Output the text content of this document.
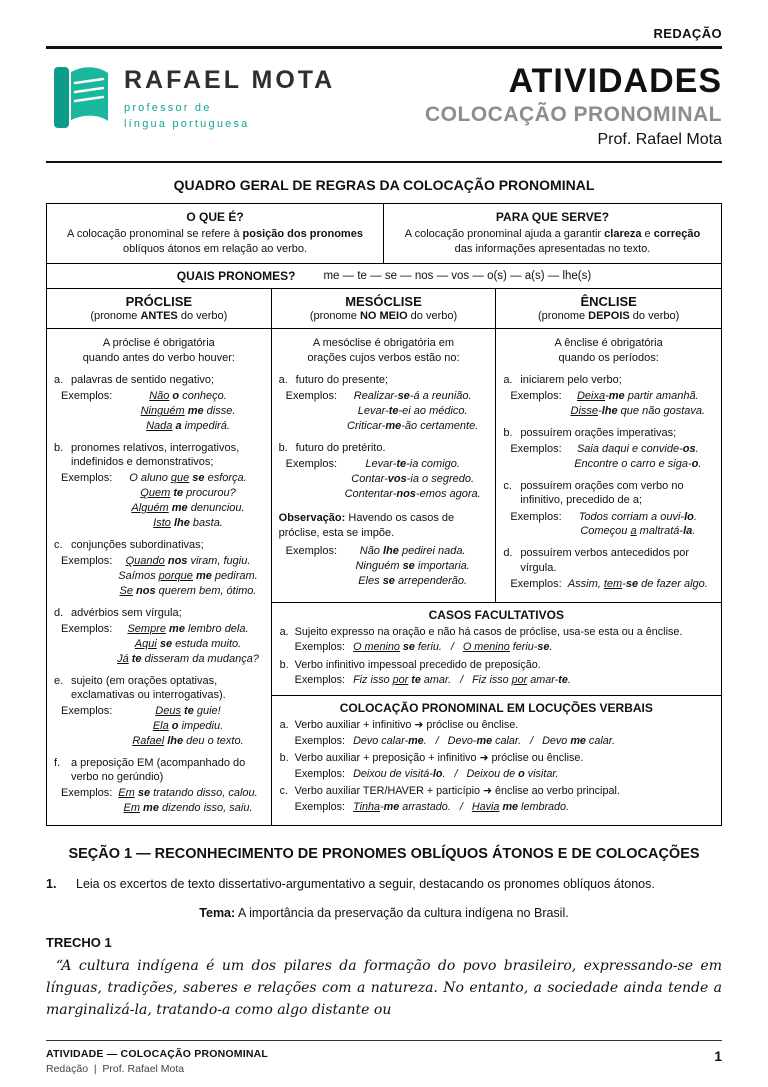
REDAÇÃO
RAFAEL MOTA
professor de
língua portuguesa
ATIVIDADES
COLOCAÇÃO PRONOMINAL
Prof. Rafael Mota
QUADRO GERAL DE REGRAS DA COLOCAÇÃO PRONOMINAL
O QUE É?
A colocação pronominal se refere à posição dos pronomes
oblíquos átonos em relação ao verbo.
PARA QUE SERVE?
A colocação pronominal ajuda a garantir clareza e correção
das informações apresentadas no texto.
QUAIS PRONOMES? me — te — se — nos — vos — o(s) — a(s) — lhe(s)
PRÓCLISE
(pronome ANTES do verbo)
MESÓCLISE
(pronome NO MEIO do verbo)
ÊNCLISE
(pronome DEPOIS do verbo)
A próclise é obrigatória
quando antes do verbo houver:
a. palavras de sentido negativo;
Exemplos:	Não o conheço.
Ninguém me disse.
Nada a impedirá.
b. pronomes relativos, interrogativos, indefinidos e demonstrativos;
Exemplos:	O aluno que se esforça.
Quem te procurou?
Alguém me denunciou.
Isto lhe basta.
c. conjunções subordinativas;
Exemplos:	Quando nos viram, fugiu.
Saímos porque me pediram.
Se nos querem bem, ótimo.
d. advérbios sem vírgula;
Exemplos:	Sempre me lembro dela.
Aqui se estuda muito.
Já te disseram da mudança?
e. sujeito (em orações optativas, exclamativas ou interrogativas).
Exemplos:	Deus te guie!
Ela o impediu.
Rafael lhe deu o texto.
f. a preposição EM (acompanhado do verbo no gerúndio)
Exemplos: Em se tratando disso, calou.
Em me dizendo isso, saiu.
A mesóclise é obrigatória em
orações cujos verbos estão no:
a. futuro do presente;
Exemplos:	Realizar-se-á a reunião.
Levar-te-ei ao médico.
Criticar-me-ão certamente.
b. futuro do pretérito.
Exemplos:	Levar-te-ia comigo.
Contar-vos-ia o segredo.
Contentar-nos-emos agora.
Observação: Havendo os casos de
próclise, esta se impõe.
Exemplos:	Não lhe pedirei nada.
Ninguém se importaria.
Eles se arrependerão.
A ênclise é obrigatória
quando os períodos:
a. iniciarem pelo verbo;
Exemplos:	Deixa-me partir amanhã.
Disse-lhe que não gostava.
b. possuírem orações imperativas;
Exemplos:	Saia daqui e convide-os.
Encontre o carro e siga-o.
c. possuírem orações com verbo no infinitivo, precedido de a;
Exemplos:	Todos corriam a ouvi-lo.
Começou a maltratá-la.
d. possuírem verbos antecedidos por vírgula.
Exemplos: Assim, tem-se de fazer algo.
CASOS FACULTATIVOS
a. Sujeito expresso na oração e não há casos de próclise, usa-se esta ou a ênclise.
Exemplos: O menino se feriu.   /   O menino feriu-se.
b. Verbo infinitivo impessoal precedido de preposição.
Exemplos: Fiz isso por te amar.   /   Fiz isso por amar-te.
COLOCAÇÃO PRONOMINAL EM LOCUÇÕES VERBAIS
a. Verbo auxiliar + infinitivo ➜ próclise ou ênclise.
Exemplos: Devo calar-me.   /   Devo-me calar.   /   Devo me calar.
b. Verbo auxiliar + preposição + infinitivo ➜ próclise ou ênclise.
Exemplos: Deixou de visitá-lo.   /   Deixou de o visitar.
c. Verbo auxiliar TER/HAVER + particípio ➜ ênclise ao verbo principal.
Exemplos: Tinha-me arrastado.   /   Havia me lembrado.
SEÇÃO 1 — RECONHECIMENTO DE PRONOMES OBLÍQUOS ÁTONOS E DE COLOCAÇÕES
1.	Leia os excertos de texto dissertativo-argumentativo a seguir, destacando os pronomes oblíquos átonos.
Tema: A importância da preservação da cultura indígena no Brasil.
TRECHO 1
“A cultura indígena é um dos pilares da formação do povo brasileiro, expressando-se em línguas, tradições, saberes e relações com a natureza. No entanto, a sociedade ainda tende a marginalizá-la, tratando-a como algo distante ou
ATIVIDADE — COLOCAÇÃO PRONOMINAL
Redação  |  Prof. Rafael Mota
1
